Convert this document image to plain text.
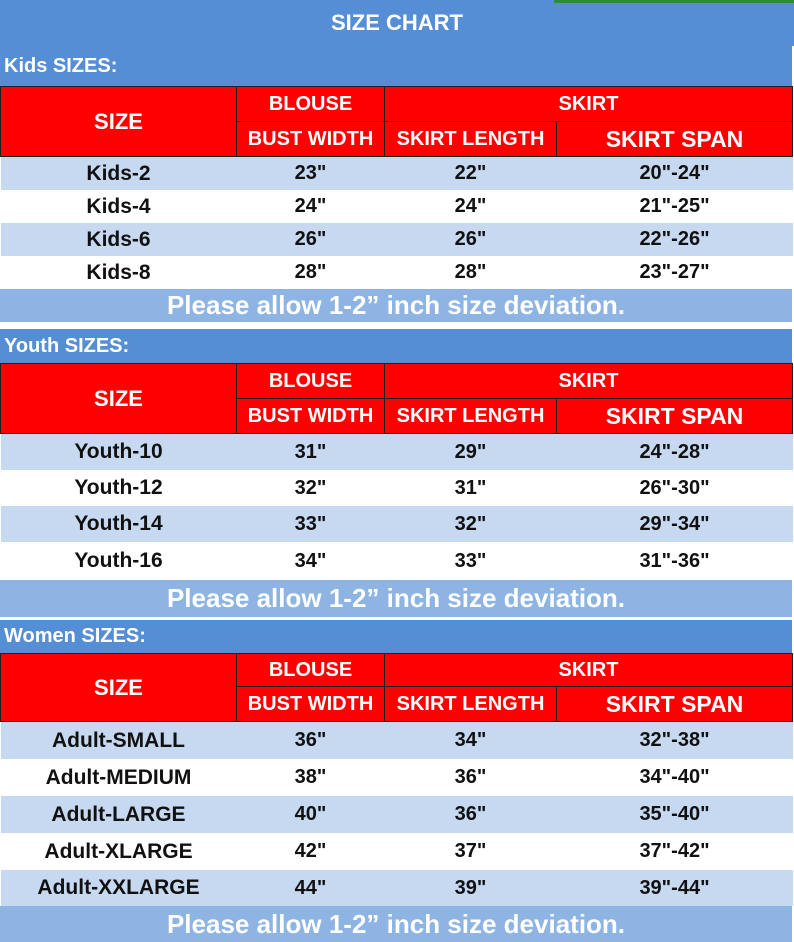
SIZE CHART
Kids SIZES:
SIZE	BLOUSE	SKIRT	
	BUST WIDTH	SKIRT LENGTH	SKIRT SPAN
Kids-2	23"	22"	20"-24"
Kids-4	24"	24"	21"-25"
Kids-6	26"	26"	22"-26"
Kids-8	28"	28"	23"-27"
Please allow 1-2” inch size deviation.
Youth SIZES:
SIZE	BLOUSE	SKIRT	
	BUST WIDTH	SKIRT LENGTH	SKIRT SPAN
Youth-10	31"	29"	24"-28"
Youth-12	32"	31"	26"-30"
Youth-14	33"	32"	29"-34"
Youth-16	34"	33"	31"-36"
Please allow 1-2” inch size deviation.
Women SIZES:
SIZE	BLOUSE	SKIRT	
	BUST WIDTH	SKIRT LENGTH	SKIRT SPAN
Adult-SMALL	36"	34"	32"-38"
Adult-MEDIUM	38"	36"	34"-40"
Adult-LARGE	40"	36"	35"-40"
Adult-XLARGE	42"	37"	37"-42"
Adult-XXLARGE	44"	39"	39"-44"
Please allow 1-2” inch size deviation.
